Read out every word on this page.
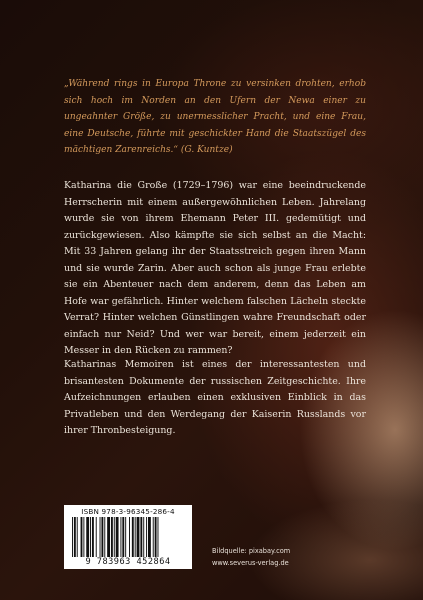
„Während rings in Europa Throne zu versinken drohten, erhob sich hoch im Norden an den Ufern der Newa einer zu ungeahnter Größe, zu unermesslicher Pracht, und eine Frau, eine Deutsche, führte mit geschickter Hand die Staatszügel des mächtigen Zarenreichs.“ (G. Kuntze)

Katharina die Große (1729–1796) war eine beeindruckende Herrscherin mit einem außergewöhnlichen Leben. Jahrelang wurde sie von ihrem Ehemann Peter III. gedemütigt und zurückgewiesen. Also kämpfte sie sich selbst an die Macht: Mit 33 Jahren gelang ihr der Staatsstreich gegen ihren Mann und sie wurde Zarin. Aber auch schon als junge Frau erlebte sie ein Abenteuer nach dem anderem, denn das Leben am Hofe war gefährlich. Hinter welchem falschen Lächeln steckte Verrat? Hinter welchen Günstlingen wahre Freundschaft oder einfach nur Neid? Und wer war bereit, einem jederzeit ein Messer in den Rücken zu rammen?

Katharinas Memoiren ist eines der interessantesten und brisantesten Dokumente der russischen Zeitgeschichte. Ihre Aufzeichnungen erlauben einen exklusiven Einblick in das Privatleben und den Werdegang der Kaiserin Russlands vor ihrer Thronbesteigung.

ISBN 978-3-96345-286-4
9 783963 452864
Bildquelle: pixabay.com
www.severus-verlag.de
